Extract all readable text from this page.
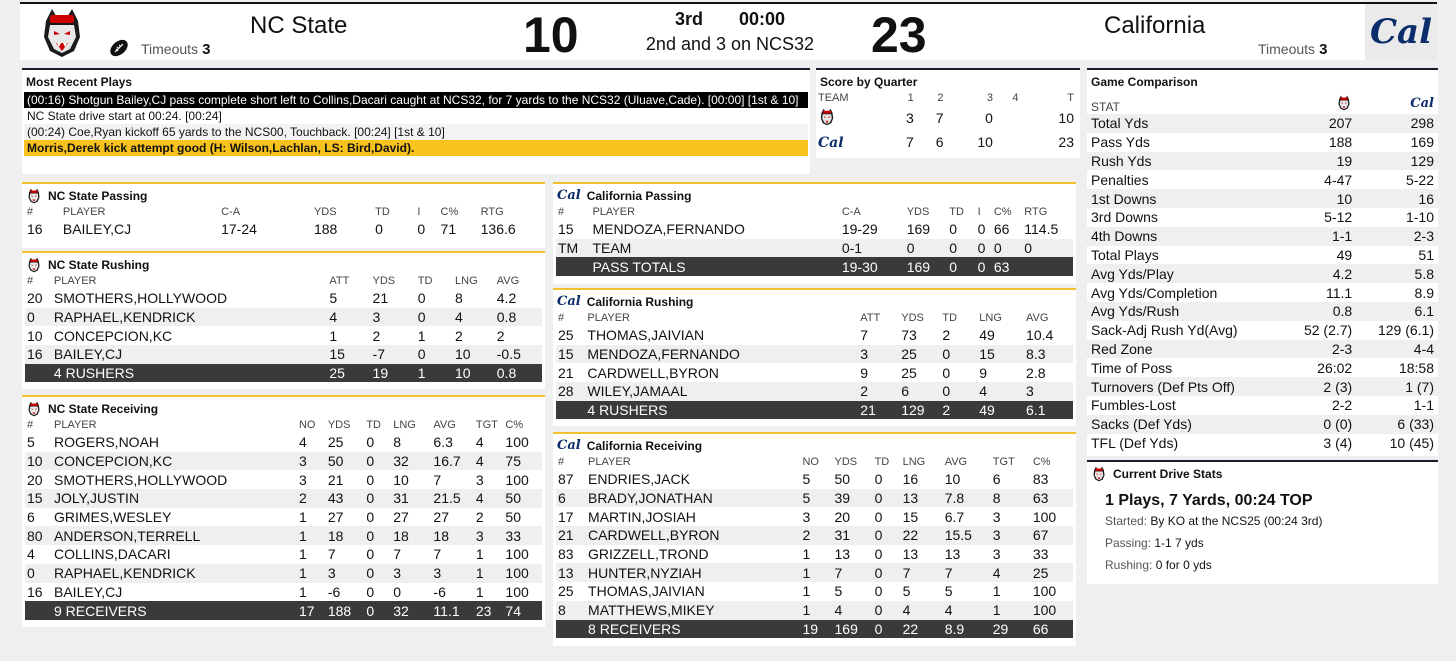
NC State
Timeouts 3	10	3rd 00:00
2nd and 3 on NCS32	23	California
Timeouts 3 Cal
Most Recent Plays
(00:16) Shotgun Bailey,CJ pass complete short left to Collins,Dacari caught at NCS32, for 7 yards to the NCS32 (Uluave,Cade). [00:00] [1st & 10]
NC State drive start at 00:24. [00:24]
(00:24) Coe,Ryan kickoff 65 yards to the NCS00, Touchback. [00:24] [1st & 10]
Morris,Derek kick attempt good (H: Wilson,Lachlan, LS: Bird,David).
Score by Quarter
TEAM	1	2	3	4	T
	3	7	0		10
Cal	7	6	10		23
NC State Passing
#	PLAYER	C-A	YDS	TD	I	C%	RTG
16	BAILEY,CJ	17-24	188	0	0	71	136.6
NC State Rushing
#	PLAYER	ATT	YDS	TD	LNG	AVG
20	SMOTHERS,HOLLYWOOD	5	21	0	8	4.2
0	RAPHAEL,KENDRICK	4	3	0	4	0.8
10	CONCEPCION,KC	1	2	1	2	2
16	BAILEY,CJ	15	-7	0	10	-0.5
	4 RUSHERS	25	19	1	10	0.8
NC State Receiving
#	PLAYER	NO	YDS	TD	LNG	AVG	TGT	C%
5	ROGERS,NOAH	4	25	0	8	6.3	4	100
10	CONCEPCION,KC	3	50	0	32	16.7	4	75
20	SMOTHERS,HOLLYWOOD	3	21	0	10	7	3	100
15	JOLY,JUSTIN	2	43	0	31	21.5	4	50
6	GRIMES,WESLEY	1	27	0	27	27	2	50
80	ANDERSON,TERRELL	1	18	0	18	18	3	33
4	COLLINS,DACARI	1	7	0	7	7	1	100
0	RAPHAEL,KENDRICK	1	3	0	3	3	1	100
16	BAILEY,CJ	1	-6	0	0	-6	1	100
	9 RECEIVERS	17	188	0	32	11.1	23	74
Cal California Passing
#	PLAYER	C-A	YDS	TD	I	C%	RTG
15	MENDOZA,FERNANDO	19-29	169	0	0	66	114.5
TM	TEAM	0-1	0	0	0	0	0
	PASS TOTALS	19-30	169	0	0	63	
Cal California Rushing
#	PLAYER	ATT	YDS	TD	LNG	AVG
25	THOMAS,JAIVIAN	7	73	2	49	10.4
15	MENDOZA,FERNANDO	3	25	0	15	8.3
21	CARDWELL,BYRON	9	25	0	9	2.8
28	WILEY,JAMAAL	2	6	0	4	3
	4 RUSHERS	21	129	2	49	6.1
Cal California Receiving
#	PLAYER	NO	YDS	TD	LNG	AVG	TGT	C%
87	ENDRIES,JACK	5	50	0	16	10	6	83
6	BRADY,JONATHAN	5	39	0	13	7.8	8	63
17	MARTIN,JOSIAH	3	20	0	15	6.7	3	100
21	CARDWELL,BYRON	2	31	0	22	15.5	3	67
83	GRIZZELL,TROND	1	13	0	13	13	3	33
13	HUNTER,NYZIAH	1	7	0	7	7	4	25
25	THOMAS,JAIVIAN	1	5	0	5	5	1	100
8	MATTHEWS,MIKEY	1	4	0	4	4	1	100
	8 RECEIVERS	19	169	0	22	8.9	29	66
Game Comparison
STAT		Cal
Total Yds	207	298
Pass Yds	188	169
Rush Yds	19	129
Penalties	4-47	5-22
1st Downs	10	16
3rd Downs	5-12	1-10
4th Downs	1-1	2-3
Total Plays	49	51
Avg Yds/Play	4.2	5.8
Avg Yds/Completion	11.1	8.9
Avg Yds/Rush	0.8	6.1
Sack-Adj Rush Yd(Avg)	52 (2.7)	129 (6.1)
Red Zone	2-3	4-4
Time of Poss	26:02	18:58
Turnovers (Def Pts Off)	2 (3)	1 (7)
Fumbles-Lost	2-2	1-1
Sacks (Def Yds)	0 (0)	6 (33)
TFL (Def Yds)	3 (4)	10 (45)
Current Drive Stats
1 Plays, 7 Yards, 00:24 TOP
Started: By KO at the NCS25 (00:24 3rd)
Passing: 1-1 7 yds
Rushing: 0 for 0 yds
